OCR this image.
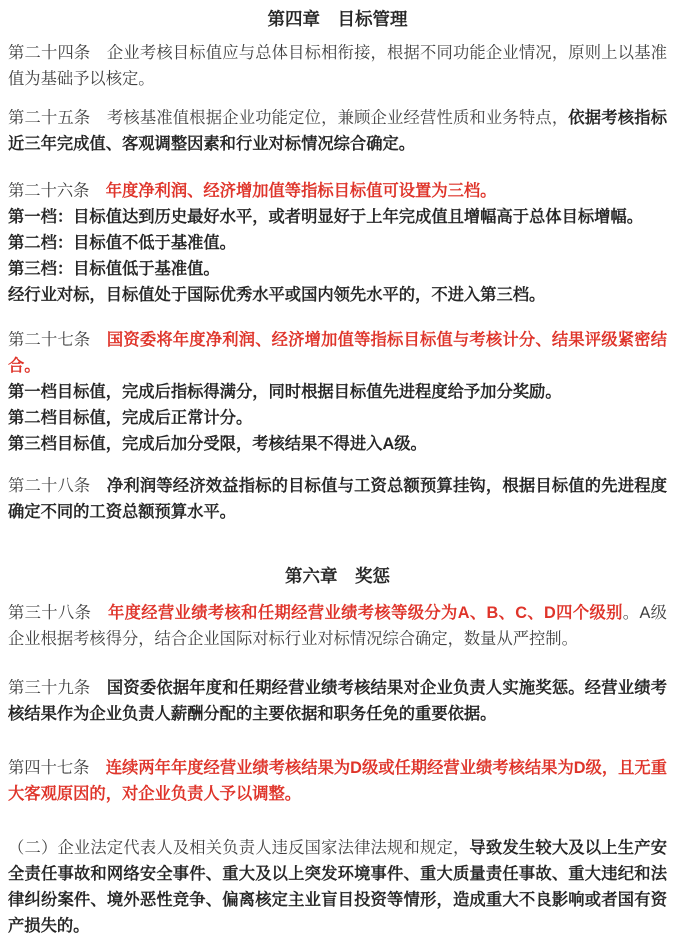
第四章　目标管理
第二十四条　企业考核目标值应与总体目标相衔接，根据不同功能企业情况，原则上以基准值为基础予以核定。
第二十五条　考核基准值根据企业功能定位，兼顾企业经营性质和业务特点，依据考核指标近三年完成值、客观调整因素和行业对标情况综合确定。
第二十六条　年度净利润、经济增加值等指标目标值可设置为三档。
第一档：目标值达到历史最好水平，或者明显好于上年完成值且增幅高于总体目标增幅。
第二档：目标值不低于基准值。
第三档：目标值低于基准值。
经行业对标，目标值处于国际优秀水平或国内领先水平的，不进入第三档。
第二十七条　国资委将年度净利润、经济增加值等指标目标值与考核计分、结果评级紧密结合。
第一档目标值，完成后指标得满分，同时根据目标值先进程度给予加分奖励。
第二档目标值，完成后正常计分。
第三档目标值，完成后加分受限，考核结果不得进入A级。
第二十八条　净利润等经济效益指标的目标值与工资总额预算挂钩，根据目标值的先进程度确定不同的工资总额预算水平。
第六章　奖惩
第三十八条　年度经营业绩考核和任期经营业绩考核等级分为A、B、C、D四个级别。A级企业根据考核得分，结合企业国际对标行业对标情况综合确定，数量从严控制。
第三十九条　国资委依据年度和任期经营业绩考核结果对企业负责人实施奖惩。经营业绩考核结果作为企业负责人薪酬分配的主要依据和职务任免的重要依据。
第四十七条　连续两年年度经营业绩考核结果为D级或任期经营业绩考核结果为D级，且无重大客观原因的，对企业负责人予以调整。
（二）企业法定代表人及相关负责人违反国家法律法规和规定，导致发生较大及以上生产安全责任事故和网络安全事件、重大及以上突发环境事件、重大质量责任事故、重大违纪和法律纠纷案件、境外恶性竞争、偏离核定主业盲目投资等情形，造成重大不良影响或者国有资产损失的。
